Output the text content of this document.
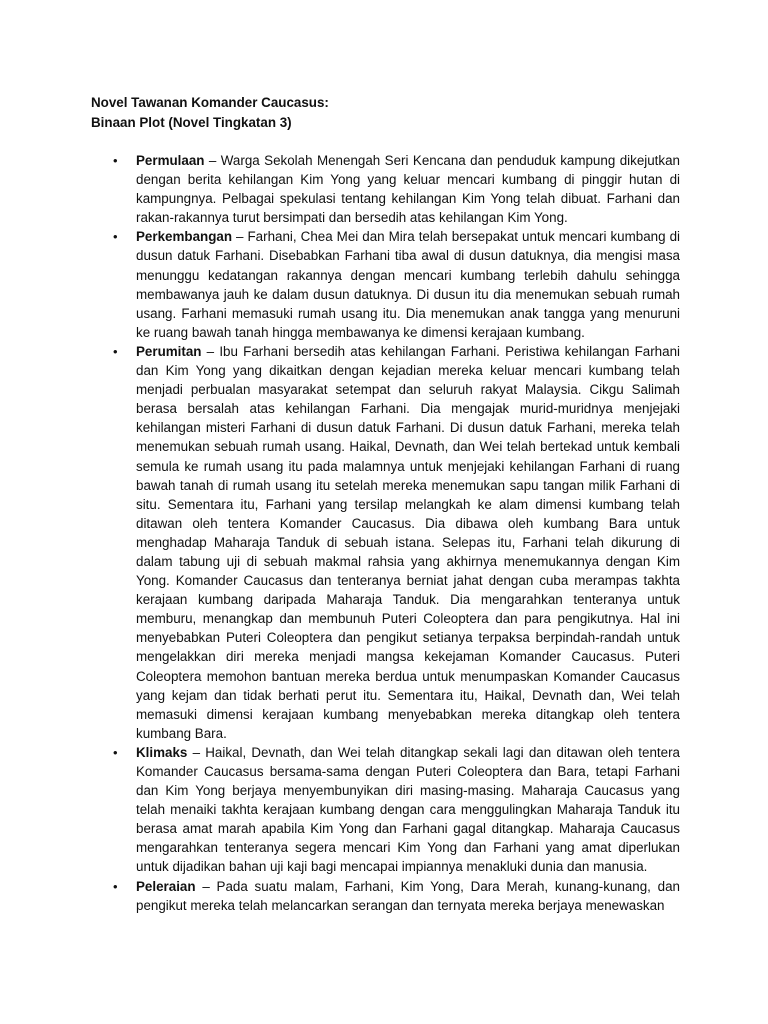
Novel Tawanan Komander Caucasus:
Binaan Plot (Novel Tingkatan 3)
• Permulaan – Warga Sekolah Menengah Seri Kencana dan penduduk kampung dikejutkan dengan berita kehilangan Kim Yong yang keluar mencari kumbang di pinggir hutan di kampungnya. Pelbagai spekulasi tentang kehilangan Kim Yong telah dibuat. Farhani dan rakan-rakannya turut bersimpati dan bersedih atas kehilangan Kim Yong.
• Perkembangan – Farhani, Chea Mei dan Mira telah bersepakat untuk mencari kumbang di dusun datuk Farhani. Disebabkan Farhani tiba awal di dusun datuknya, dia mengisi masa menunggu kedatangan rakannya dengan mencari kumbang terlebih dahulu sehingga membawanya jauh ke dalam dusun datuknya. Di dusun itu dia menemukan sebuah rumah usang. Farhani memasuki rumah usang itu. Dia menemukan anak tangga yang menuruni ke ruang bawah tanah hingga membawanya ke dimensi kerajaan kumbang.
• Perumitan – Ibu Farhani bersedih atas kehilangan Farhani. Peristiwa kehilangan Farhani dan Kim Yong yang dikaitkan dengan kejadian mereka keluar mencari kumbang telah menjadi perbualan masyarakat setempat dan seluruh rakyat Malaysia. Cikgu Salimah berasa bersalah atas kehilangan Farhani. Dia mengajak murid-muridnya menjejaki kehilangan misteri Farhani di dusun datuk Farhani. Di dusun datuk Farhani, mereka telah menemukan sebuah rumah usang. Haikal, Devnath, dan Wei telah bertekad untuk kembali semula ke rumah usang itu pada malamnya untuk menjejaki kehilangan Farhani di ruang bawah tanah di rumah usang itu setelah mereka menemukan sapu tangan milik Farhani di situ. Sementara itu, Farhani yang tersilap melangkah ke alam dimensi kumbang telah ditawan oleh tentera Komander Caucasus. Dia dibawa oleh kumbang Bara untuk menghadap Maharaja Tanduk di sebuah istana. Selepas itu, Farhani telah dikurung di dalam tabung uji di sebuah makmal rahsia yang akhirnya menemukannya dengan Kim Yong. Komander Caucasus dan tenteranya berniat jahat dengan cuba merampas takhta kerajaan kumbang daripada Maharaja Tanduk. Dia mengarahkan tenteranya untuk memburu, menangkap dan membunuh Puteri Coleoptera dan para pengikutnya. Hal ini menyebabkan Puteri Coleoptera dan pengikut setianya terpaksa berpindah-randah untuk mengelakkan diri mereka menjadi mangsa kekejaman Komander Caucasus. Puteri Coleoptera memohon bantuan mereka berdua untuk menumpaskan Komander Caucasus yang kejam dan tidak berhati perut itu. Sementara itu, Haikal, Devnath dan, Wei telah memasuki dimensi kerajaan kumbang menyebabkan mereka ditangkap oleh tentera kumbang Bara.
• Klimaks – Haikal, Devnath, dan Wei telah ditangkap sekali lagi dan ditawan oleh tentera Komander Caucasus bersama-sama dengan Puteri Coleoptera dan Bara, tetapi Farhani dan Kim Yong berjaya menyembunyikan diri masing-masing. Maharaja Caucasus yang telah menaiki takhta kerajaan kumbang dengan cara menggulingkan Maharaja Tanduk itu berasa amat marah apabila Kim Yong dan Farhani gagal ditangkap. Maharaja Caucasus mengarahkan tenteranya segera mencari Kim Yong dan Farhani yang amat diperlukan untuk dijadikan bahan uji kaji bagi mencapai impiannya menakluki dunia dan manusia.
• Peleraian – Pada suatu malam, Farhani, Kim Yong, Dara Merah, kunang-kunang, dan pengikut mereka telah melancarkan serangan dan ternyata mereka berjaya menewaskan
